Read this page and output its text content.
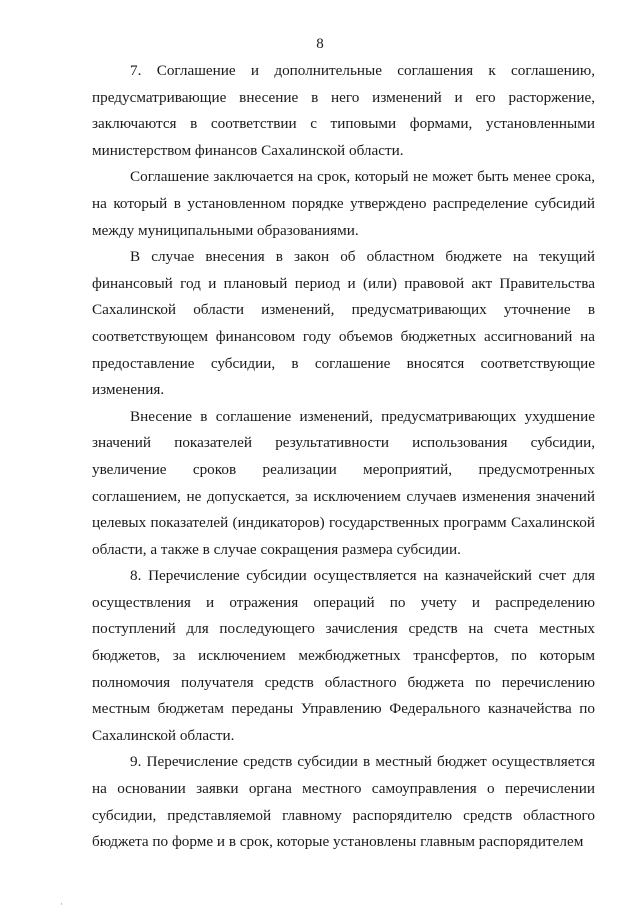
8

7. Соглашение и дополнительные соглашения к соглашению, предусматривающие внесение в него изменений и его расторжение, заключаются в соответствии с типовыми формами, установленными министерством финансов Сахалинской области.

Соглашение заключается на срок, который не может быть менее срока, на который в установленном порядке утверждено распределение субсидий между муниципальными образованиями.

В случае внесения в закон об областном бюджете на текущий финансовый год и плановый период и (или) правовой акт Правительства Сахалинской области изменений, предусматривающих уточнение в соответствующем финансовом году объемов бюджетных ассигнований на предоставление субсидии, в соглашение вносятся соответствующие изменения.

Внесение в соглашение изменений, предусматривающих ухудшение значений показателей результативности использования субсидии, увеличение сроков реализации мероприятий, предусмотренных соглашением, не допускается, за исключением случаев изменения значений целевых показателей (индикаторов) государственных программ Сахалинской области, а также в случае сокращения размера субсидии.

8. Перечисление субсидии осуществляется на казначейский счет для осуществления и отражения операций по учету и распределению поступлений для последующего зачисления средств на счета местных бюджетов, за исключением межбюджетных трансфертов, по которым полномочия получателя средств областного бюджета по перечислению местным бюджетам переданы Управлению Федерального казначейства по Сахалинской области.

9. Перечисление средств субсидии в местный бюджет осуществляется на основании заявки органа местного самоуправления о перечислении субсидии, представляемой главному распорядителю средств областного бюджета по форме и в срок, которые установлены главным распорядителем

·
